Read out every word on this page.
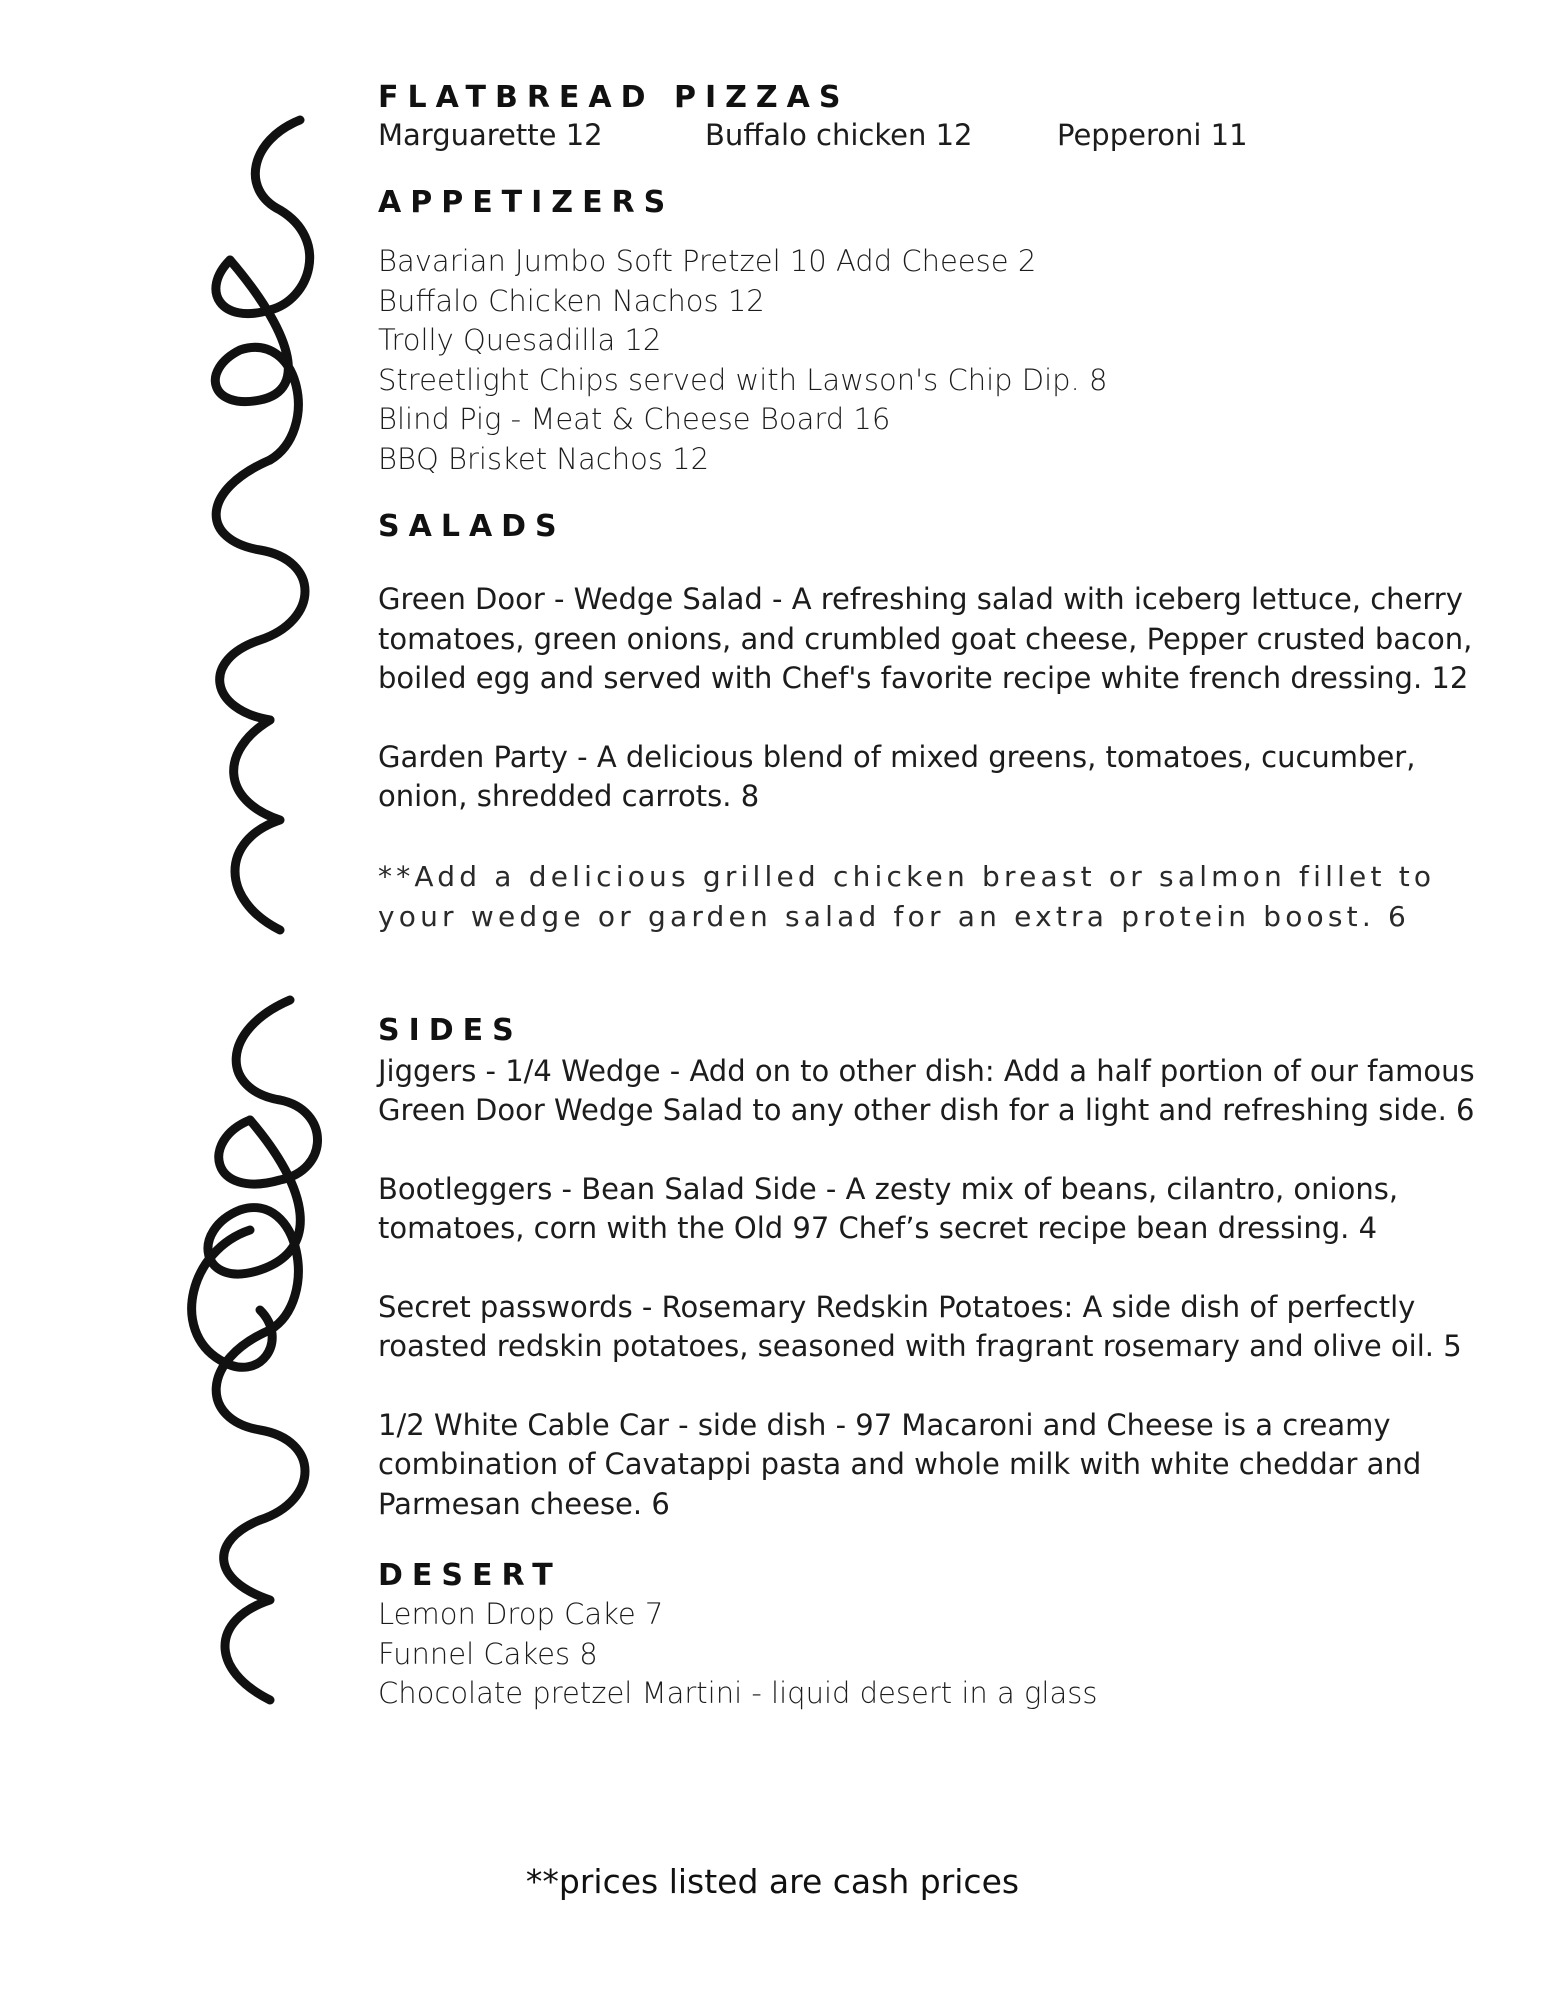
FLATBREAD PIZZAS
Marguarette 12	Buffalo chicken 12	Pepperoni 11
APPETIZERS

Bavarian Jumbo Soft Pretzel 10 Add Cheese 2

Buffalo Chicken Nachos 12

Trolly Quesadilla 12

Streetlight Chips served with Lawson's Chip Dip. 8

Blind Pig - Meat & Cheese Board 16

BBQ Brisket Nachos 12

SALADS

Green Door - Wedge Salad - A refreshing salad with iceberg lettuce, cherry
tomatoes, green onions, and crumbled goat cheese, Pepper crusted bacon,
boiled egg and served with Chef's favorite recipe white french dressing. 12

Garden Party - A delicious blend of mixed greens, tomatoes, cucumber,
onion, shredded carrots. 8

**Add a delicious grilled chicken breast or salmon fillet to
your wedge or garden salad for an extra protein boost. 6

SIDES

Jiggers - 1/4 Wedge - Add on to other dish: Add a half portion of our famous
Green Door Wedge Salad to any other dish for a light and refreshing side. 6

Bootleggers - Bean Salad Side - A zesty mix of beans, cilantro, onions,
tomatoes, corn with the Old 97 Chef’s secret recipe bean dressing. 4

Secret passwords - Rosemary Redskin Potatoes: A side dish of perfectly
roasted redskin potatoes, seasoned with fragrant rosemary and olive oil. 5

1/2 White Cable Car - side dish - 97 Macaroni and Cheese is a creamy
combination of Cavatappi pasta and whole milk with white cheddar and
Parmesan cheese. 6

DESERT

Lemon Drop Cake 7

Funnel Cakes 8

Chocolate pretzel Martini - liquid desert in a glass

**prices listed are cash prices
